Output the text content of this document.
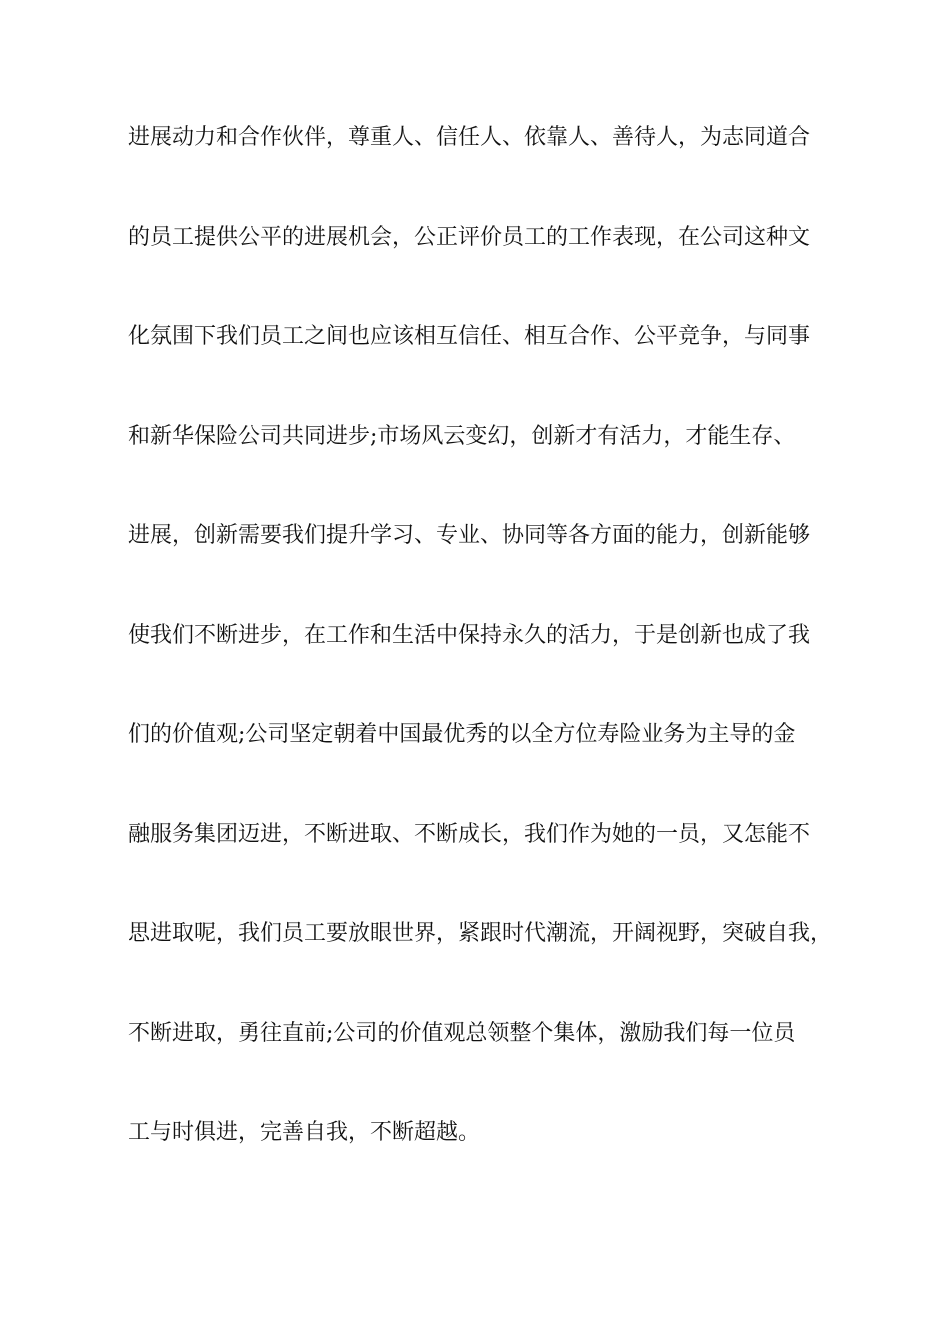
进展动力和合作伙伴，尊重人、信任人、依靠人、善待人，为志同道合
的员工提供公平的进展机会，公正评价员工的工作表现，在公司这种文
化氛围下我们员工之间也应该相互信任、相互合作、公平竞争，与同事
和新华保险公司共同进步;市场风云变幻，创新才有活力，才能生存、
进展，创新需要我们提升学习、专业、协同等各方面的能力，创新能够
使我们不断进步，在工作和生活中保持永久的活力，于是创新也成了我
们的价值观;公司坚定朝着中国最优秀的以全方位寿险业务为主导的金
融服务集团迈进，不断进取、不断成长，我们作为她的一员，又怎能不
思进取呢，我们员工要放眼世界，紧跟时代潮流，开阔视野，突破自我，
不断进取，勇往直前;公司的价值观总领整个集体，激励我们每一位员
工与时俱进，完善自我，不断超越。
